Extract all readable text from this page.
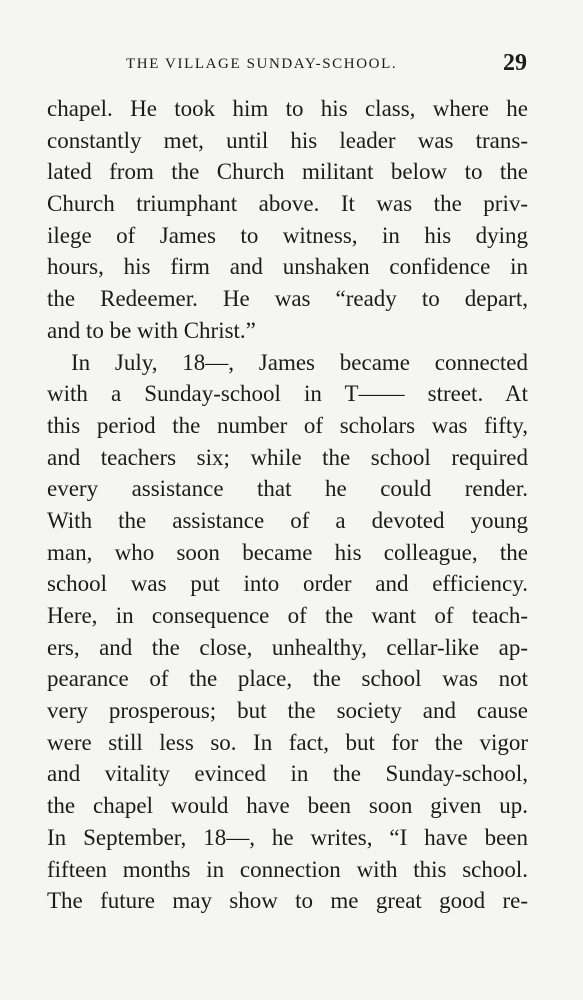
THE VILLAGE SUNDAY-SCHOOL.	29
chapel. He took him to his class, where he
constantly met, until his leader was trans-
lated from the Church militant below to the
Church triumphant above. It was the priv-
ilege of James to witness, in his dying
hours, his firm and unshaken confidence in
the Redeemer. He was “ready to depart,
and to be with Christ.”
In July, 18—, James became connected
with a Sunday-school in T—— street. At
this period the number of scholars was fifty,
and teachers six; while the school required
every assistance that he could render.
With the assistance of a devoted young
man, who soon became his colleague, the
school was put into order and efficiency.
Here, in consequence of the want of teach-
ers, and the close, unhealthy, cellar-like ap-
pearance of the place, the school was not
very prosperous; but the society and cause
were still less so. In fact, but for the vigor
and vitality evinced in the Sunday-school,
the chapel would have been soon given up.
In September, 18—, he writes, “I have been
fifteen months in connection with this school.
The future may show to me great good re-
